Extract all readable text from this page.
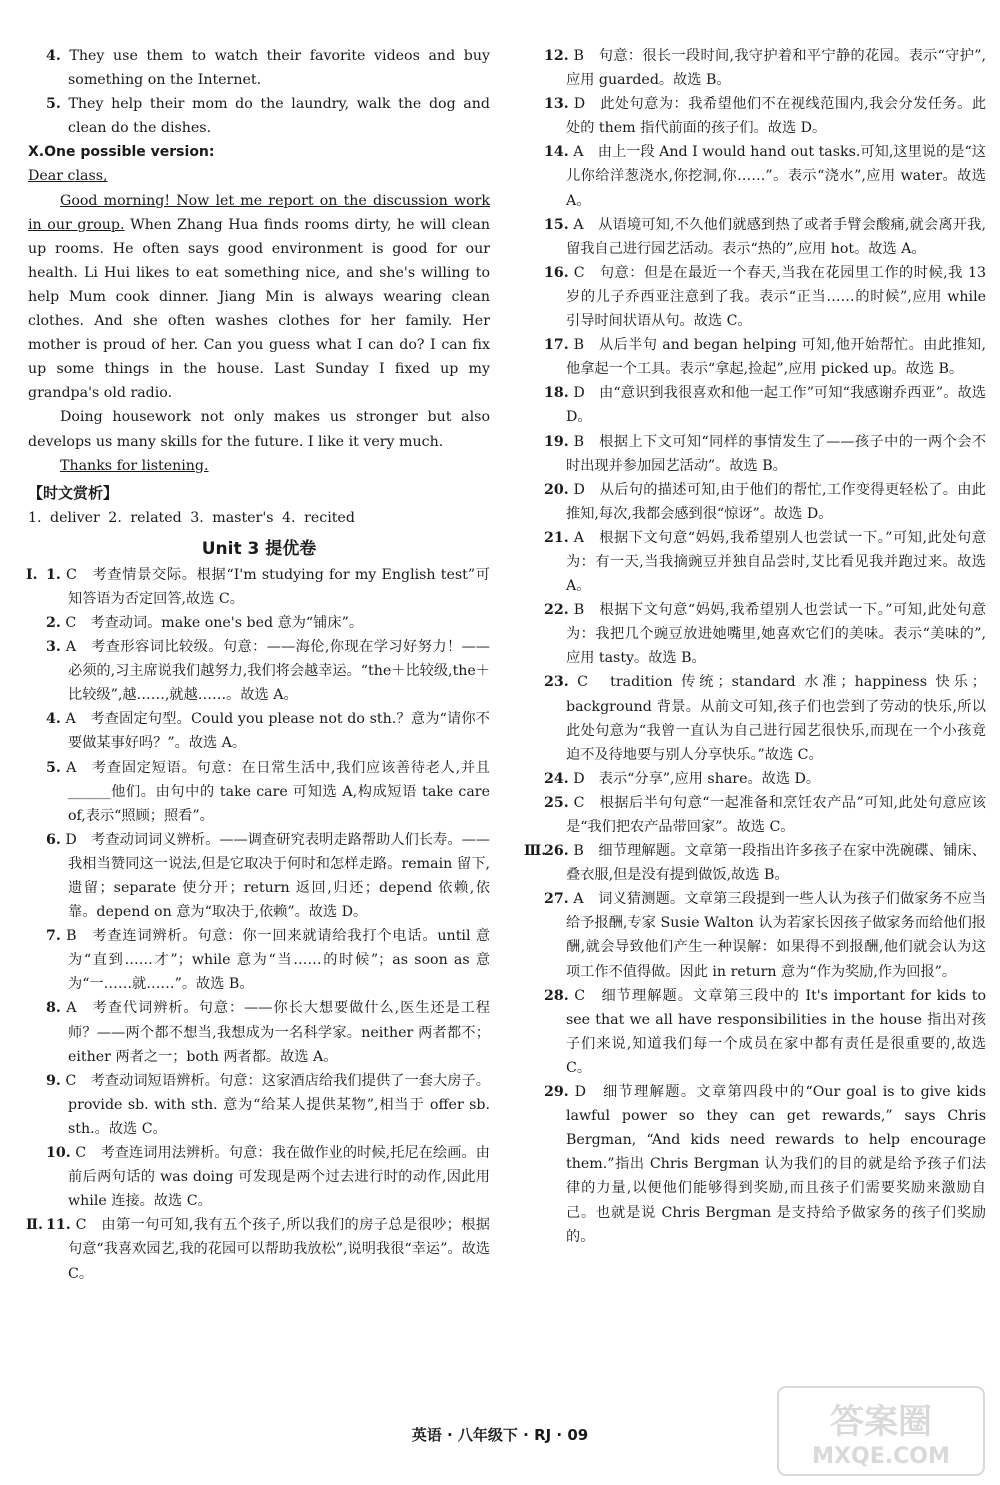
4. They use them to watch their favorite videos and buy something on the Internet.

5. They help their mom do the laundry, walk the dog and clean do the dishes.

Ⅹ.One possible version:

Dear class,

Good morning! Now let me report on the discussion work in our group. When Zhang Hua finds rooms dirty, he will clean up rooms. He often says good environment is good for our health. Li Hui likes to eat something nice, and she's willing to help Mum cook dinner. Jiang Min is always wearing clean clothes. And she often washes clothes for her family. Her mother is proud of her. Can you guess what I can do? I can fix up some things in the house. Last Sunday I fixed up my grandpa's old radio.

Doing housework not only makes us stronger but also develops us many skills for the future. I like it very much.

Thanks for listening.

【时文赏析】

1. deliver 2. related 3. master's 4. recited

Unit 3 提优卷

Ⅰ. 1. C　考查情景交际。根据“I'm studying for my English test”可知答语为否定回答,故选 C。

2. C　考查动词。make one's bed 意为“铺床”。

3. A　考查形容词比较级。句意：——海伦,你现在学习好努力！——必须的,习主席说我们越努力,我们将会越幸运。“the＋比较级,the＋比较级”,越……,就越……。故选 A。

4. A　考查固定句型。Could you please not do sth.？意为“请你不要做某事好吗？”。故选 A。

5. A　考查固定短语。句意：在日常生活中,我们应该善待老人,并且______他们。由句中的 take care 可知选 A,构成短语 take care of,表示“照顾；照看”。

6. D　考查动词词义辨析。——调查研究表明走路帮助人们长寿。——我相当赞同这一说法,但是它取决于何时和怎样走路。remain 留下,遗留；separate 使分开；return 返回,归还；depend 依赖,依靠。depend on 意为“取决于,依赖”。故选 D。

7. B　考查连词辨析。句意：你一回来就请给我打个电话。until 意为“直到……才”；while 意为“当……的时候”；as soon as 意为“一……就……”。故选 B。

8. A　考查代词辨析。句意：——你长大想要做什么,医生还是工程师？——两个都不想当,我想成为一名科学家。neither 两者都不；either 两者之一；both 两者都。故选 A。

9. C　考查动词短语辨析。句意：这家酒店给我们提供了一套大房子。provide sb. with sth. 意为“给某人提供某物”,相当于 offer sb. sth.。故选 C。

10. C　考查连词用法辨析。句意：我在做作业的时候,托尼在绘画。由前后两句话的 was doing 可发现是两个过去进行时的动作,因此用 while 连接。故选 C。

Ⅱ. 11. C　由第一句可知,我有五个孩子,所以我们的房子总是很吵；根据句意“我喜欢园艺,我的花园可以帮助我放松”,说明我很“幸运”。故选 C。

12. B　句意：很长一段时间,我守护着和平宁静的花园。表示“守护”,应用 guarded。故选 B。

13. D　此处句意为：我希望他们不在视线范围内,我会分发任务。此处的 them 指代前面的孩子们。故选 D。

14. A　由上一段 And I would hand out tasks.可知,这里说的是“这儿你给洋葱浇水,你挖洞,你……”。表示“浇水”,应用 water。故选 A。

15. A　从语境可知,不久他们就感到热了或者手臂会酸痛,就会离开我,留我自己进行园艺活动。表示“热的”,应用 hot。故选 A。

16. C　句意：但是在最近一个春天,当我在花园里工作的时候,我 13 岁的儿子乔西亚注意到了我。表示“正当……的时候”,应用 while 引导时间状语从句。故选 C。

17. B　从后半句 and began helping 可知,他开始帮忙。由此推知,他拿起一个工具。表示“拿起,捡起”,应用 picked up。故选 B。

18. D　由“意识到我很喜欢和他一起工作”可知“我感谢乔西亚”。故选 D。

19. B　根据上下文可知“同样的事情发生了——孩子中的一两个会不时出现并参加园艺活动”。故选 B。

20. D　从后句的描述可知,由于他们的帮忙,工作变得更轻松了。由此推知,每次,我都会感到很“惊讶”。故选 D。

21. A　根据下文句意“妈妈,我希望别人也尝试一下。”可知,此处句意为：有一天,当我摘豌豆并独自品尝时,艾比看见我并跑过来。故选 A。

22. B　根据下文句意“妈妈,我希望别人也尝试一下。”可知,此处句意为：我把几个豌豆放进她嘴里,她喜欢它们的美味。表示“美味的”,应用 tasty。故选 B。

23. C　tradition 传统；standard 水准；happiness 快乐；background 背景。从前文可知,孩子们也尝到了劳动的快乐,所以此处句意为“我曾一直认为自己进行园艺很快乐,而现在一个小孩竟迫不及待地要与别人分享快乐。”故选 C。

24. D　表示“分享”,应用 share。故选 D。

25. C　根据后半句句意“一起准备和烹饪农产品”可知,此处句意应该是“我们把农产品带回家”。故选 C。

Ⅲ.
26. B　细节理解题。文章第一段指出许多孩子在家中洗碗碟、铺床、叠衣服,但是没有提到做饭,故选 B。

27. A　词义猜测题。文章第三段提到一些人认为孩子们做家务不应当给予报酬,专家 Susie Walton 认为若家长因孩子做家务而给他们报酬,就会导致他们产生一种误解：如果得不到报酬,他们就会认为这项工作不值得做。因此 in return 意为“作为奖励,作为回报”。

28. C　细节理解题。文章第三段中的 It's important for kids to see that we all have responsibilities in the house 指出对孩子们来说,知道我们每一个成员在家中都有责任是很重要的,故选 C。

29. D　细节理解题。文章第四段中的“Our goal is to give kids lawful power so they can get rewards,” says Chris Bergman, “And kids need rewards to help encourage them.”指出 Chris Bergman 认为我们的目的就是给予孩子们法律的力量,以便他们能够得到奖励,而且孩子们需要奖励来激励自己。也就是说 Chris Bergman 是支持给予做家务的孩子们奖励的。

英语 · 八年级下 · RJ · 09	答案圈
MXQE.COM
